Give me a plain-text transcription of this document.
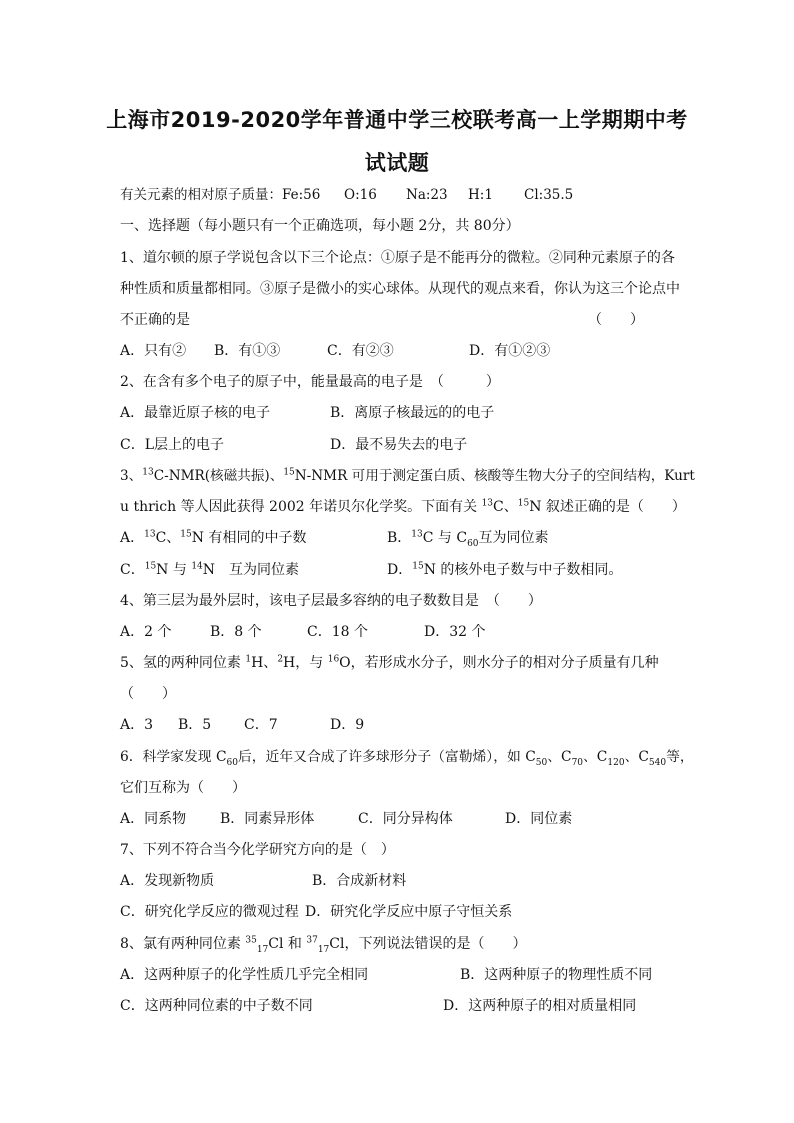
上海市2019-2020学年普通中学三校联考高一上学期期中考
试试题
有关元素的相对原子质量：Fe:56 O:16 Na:23 H:1 Cl:35.5
一、选择题（每小题只有一个正确选项，每小题 2分，共 80分）
1、道尔顿的原子学说包含以下三个论点：①原子是不能再分的微粒。②同种元素原子的各
种性质和质量都相同。③原子是微小的实心球体。从现代的观点来看，你认为这三个论点中
不正确的是	（　　）
A．只有② B．有①③	C．有②③	D．有①②③
2、在含有多个电子的原子中，能量最高的电子是　（　　　）
A．最靠近原子核的电子	B．离原子核最远的的电子
C．L层上的电子	D．最不易失去的电子
3、$^{13}$C-NMR(核磁共振)、$^{15}$N-NMR 可用于测定蛋白质、核酸等生物大分子的空间结构，Kurt
u thrich 等人因此获得 2002 年诺贝尔化学奖。下面有关 $^{13}$C、$^{15}$N 叙述正确的是（　　）
A．$^{13}$C、$^{15}$N 有相同的中子数	B．$^{13}$C 与 $C_{60}$互为同位素
C．$^{15}$N 与 $^{14}$N　互为同位素	D．$^{15}$N 的核外电子数与中子数相同。
4、第三层为最外层时，该电子层最多容纳的电子数数目是　（　　）
A．2 个	B．8 个	C．18 个	D．32 个
5、氢的两种同位素 $^1$H、$^2$H，与 $^{16}$O，若形成水分子，则水分子的相对分子质量有几种
（　　）
A．3 B．5 C．7	D．9
6．科学家发现 $C_{60}$后，近年又合成了许多球形分子（富勒烯），如 $C_{50}$、$C_{70}$、$C_{120}$、$C_{540}$等，
它们互称为（　　）
A．同系物 B．同素异形体	C．同分异构体	D．同位素
7、下列不符合当今化学研究方向的是（　）
A．发现新物质	B．合成新材料
C．研究化学反应的微观过程 D．研究化学反应中原子守恒关系
8、氯有两种同位素 $^{35}_{17}$Cl 和 $^{37}_{17}$Cl，下列说法错误的是（　　）
A．这两种原子的化学性质几乎完全相同	B．这两种原子的物理性质不同
C．这两种同位素的中子数不同	D．这两种原子的相对质量相同
